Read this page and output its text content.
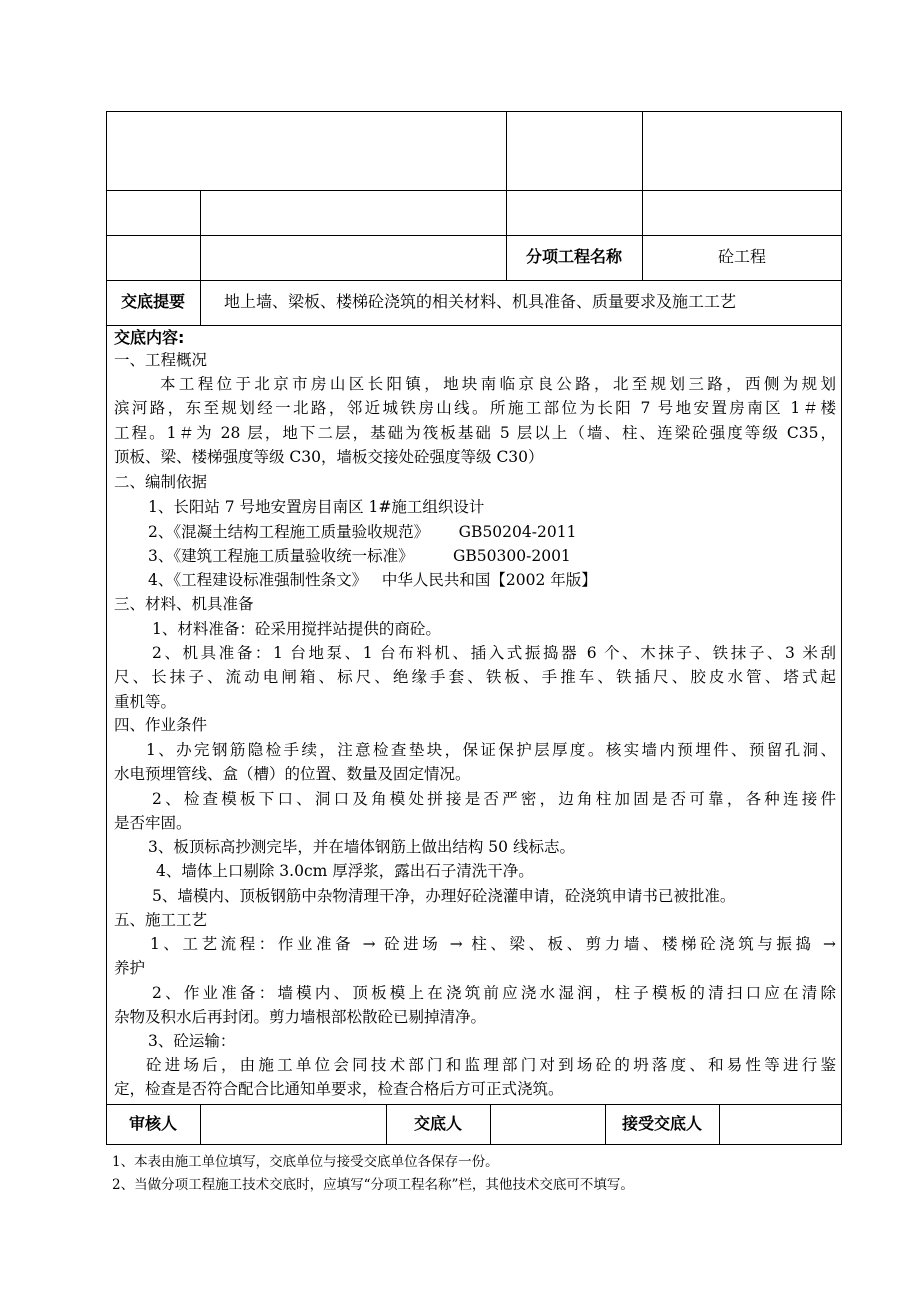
分项工程名称	砼工程
交底提要	地上墙、梁板、楼梯砼浇筑的相关材料、机具准备、质量要求及施工工艺
交底内容:
一、工程概况
本工程位于北京市房山区长阳镇，地块南临京良公路，北至规划三路，西侧为规划
滨河路，东至规划经一北路，邻近城铁房山线。所施工部位为长阳 7 号地安置房南区 1＃楼
工程。1＃为 28 层，地下二层，基础为筏板基础 5 层以上（墙、柱、连梁砼强度等级 C35，
顶板、梁、楼梯强度等级 C30，墙板交接处砼强度等级 C30）
二、编制依据
1、长阳站 7 号地安置房目南区 1#施工组织设计
2、《混凝土结构工程施工质量验收规范》      GB50204-2011
3、《建筑工程施工质量验收统一标准》        GB50300-2001
4、《工程建设标准强制性条文》   中华人民共和国【2002 年版】
三、材料、机具准备
1、材料准备：砼采用搅拌站提供的商砼。
2、机具准备：1 台地泵、1 台布料机、插入式振捣器 6 个、木抹子、铁抹子、3 米刮
尺、长抹子、流动电闸箱、标尺、绝缘手套、铁板、手推车、铁插尺、胶皮水管、塔式起
重机等。
四、作业条件
1、办完钢筋隐检手续，注意检查垫块，保证保护层厚度。核实墙内预埋件、预留孔洞、
水电预埋管线、盒（槽）的位置、数量及固定情况。
2、检查模板下口、洞口及角模处拼接是否严密，边角柱加固是否可靠，各种连接件
是否牢固。
3、板顶标高抄测完毕，并在墙体钢筋上做出结构 50 线标志。
4、墙体上口剔除 3.0cm 厚浮浆，露出石子清洗干净。
5、墙模内、顶板钢筋中杂物清理干净，办理好砼浇灌申请，砼浇筑申请书已被批准。
五、施工工艺
1、工艺流程：作业准备 → 砼进场 → 柱、梁、板、剪力墙、楼梯砼浇筑与振捣 →
养护
2、作业准备：墙模内、顶板模上在浇筑前应浇水湿润，柱子模板的清扫口应在清除
杂物及积水后再封闭。剪力墙根部松散砼已剔掉清净。
3、砼运输：
砼进场后，由施工单位会同技术部门和监理部门对到场砼的坍落度、和易性等进行鉴
定，检查是否符合配合比通知单要求，检查合格后方可正式浇筑。
审核人	交底人	接受交底人
1、本表由施工单位填写，交底单位与接受交底单位各保存一份。
2、当做分项工程施工技术交底时，应填写“分项工程名称”栏，其他技术交底可不填写。
